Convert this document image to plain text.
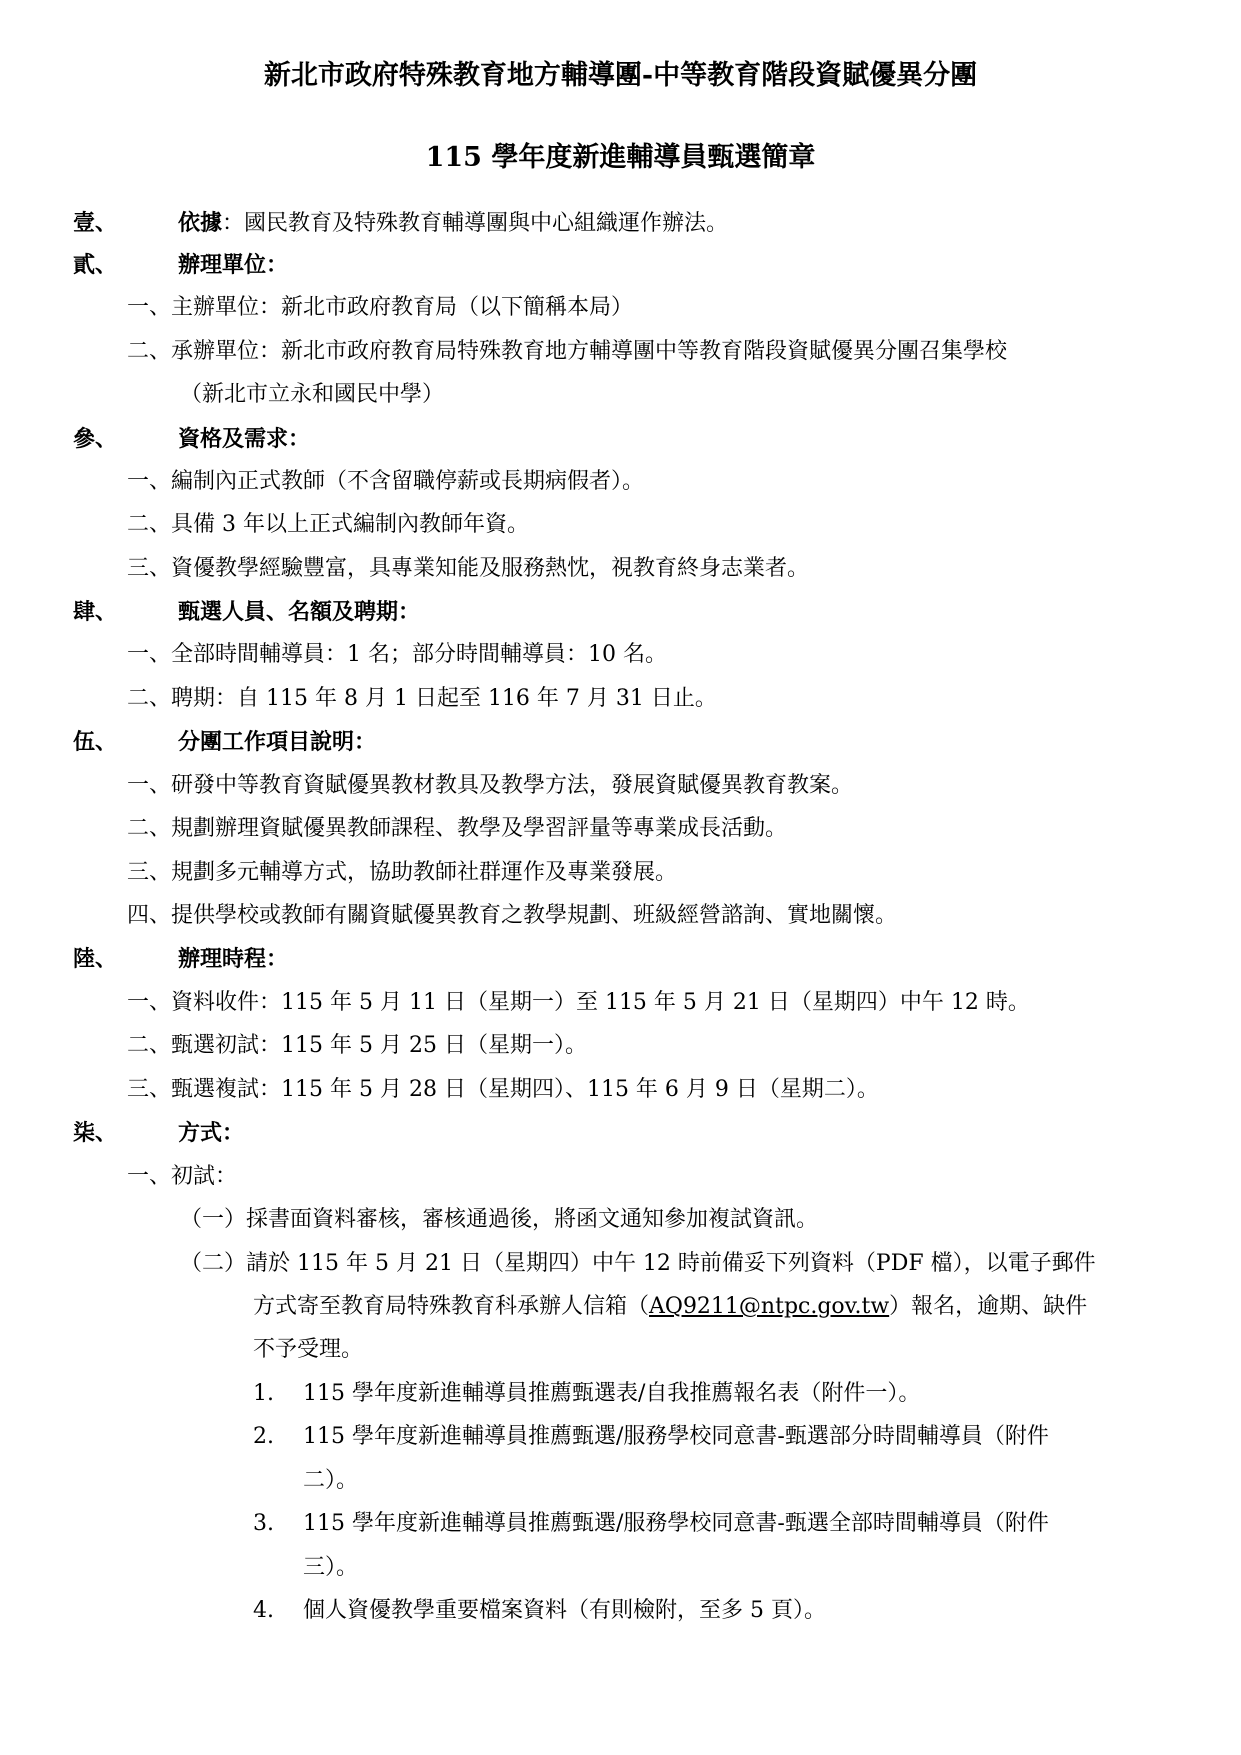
新北市政府特殊教育地方輔導團-中等教育階段資賦優異分團
115 學年度新進輔導員甄選簡章
壹、	依據：國民教育及特殊教育輔導團與中心組織運作辦法。
貳、	辦理單位：
一、主辦單位：新北市政府教育局（以下簡稱本局）
二、承辦單位：新北市政府教育局特殊教育地方輔導團中等教育階段資賦優異分團召集學校
（新北市立永和國民中學）
參、	資格及需求：
一、編制內正式教師（不含留職停薪或長期病假者）。
二、具備 3 年以上正式編制內教師年資。
三、資優教學經驗豐富，具專業知能及服務熱忱，視教育終身志業者。
肆、	甄選人員、名額及聘期：
一、全部時間輔導員：1 名；部分時間輔導員：10 名。
二、聘期：自 115 年 8 月 1 日起至 116 年 7 月 31 日止。
伍、	分團工作項目說明：
一、研發中等教育資賦優異教材教具及教學方法，發展資賦優異教育教案。
二、規劃辦理資賦優異教師課程、教學及學習評量等專業成長活動。
三、規劃多元輔導方式，協助教師社群運作及專業發展。
四、提供學校或教師有關資賦優異教育之教學規劃、班級經營諮詢、實地關懷。
陸、	辦理時程：
一、資料收件：115 年 5 月 11 日（星期一）至 115 年 5 月 21 日（星期四）中午 12 時。
二、甄選初試：115 年 5 月 25 日（星期一）。
三、甄選複試：115 年 5 月 28 日（星期四）、115 年 6 月 9 日（星期二）。
柒、	方式：
一、初試：
（一）採書面資料審核，審核通過後，將函文通知參加複試資訊。
（二）請於 115 年 5 月 21 日（星期四）中午 12 時前備妥下列資料（PDF 檔），以電子郵件
方式寄至教育局特殊教育科承辦人信箱（AQ9211@ntpc.gov.tw）報名，逾期、缺件
不予受理。
1. 115 學年度新進輔導員推薦甄選表/自我推薦報名表（附件一）。
2. 115 學年度新進輔導員推薦甄選/服務學校同意書-甄選部分時間輔導員（附件
二）。
3. 115 學年度新進輔導員推薦甄選/服務學校同意書-甄選全部時間輔導員（附件
三）。
4. 個人資優教學重要檔案資料（有則檢附，至多 5 頁）。
